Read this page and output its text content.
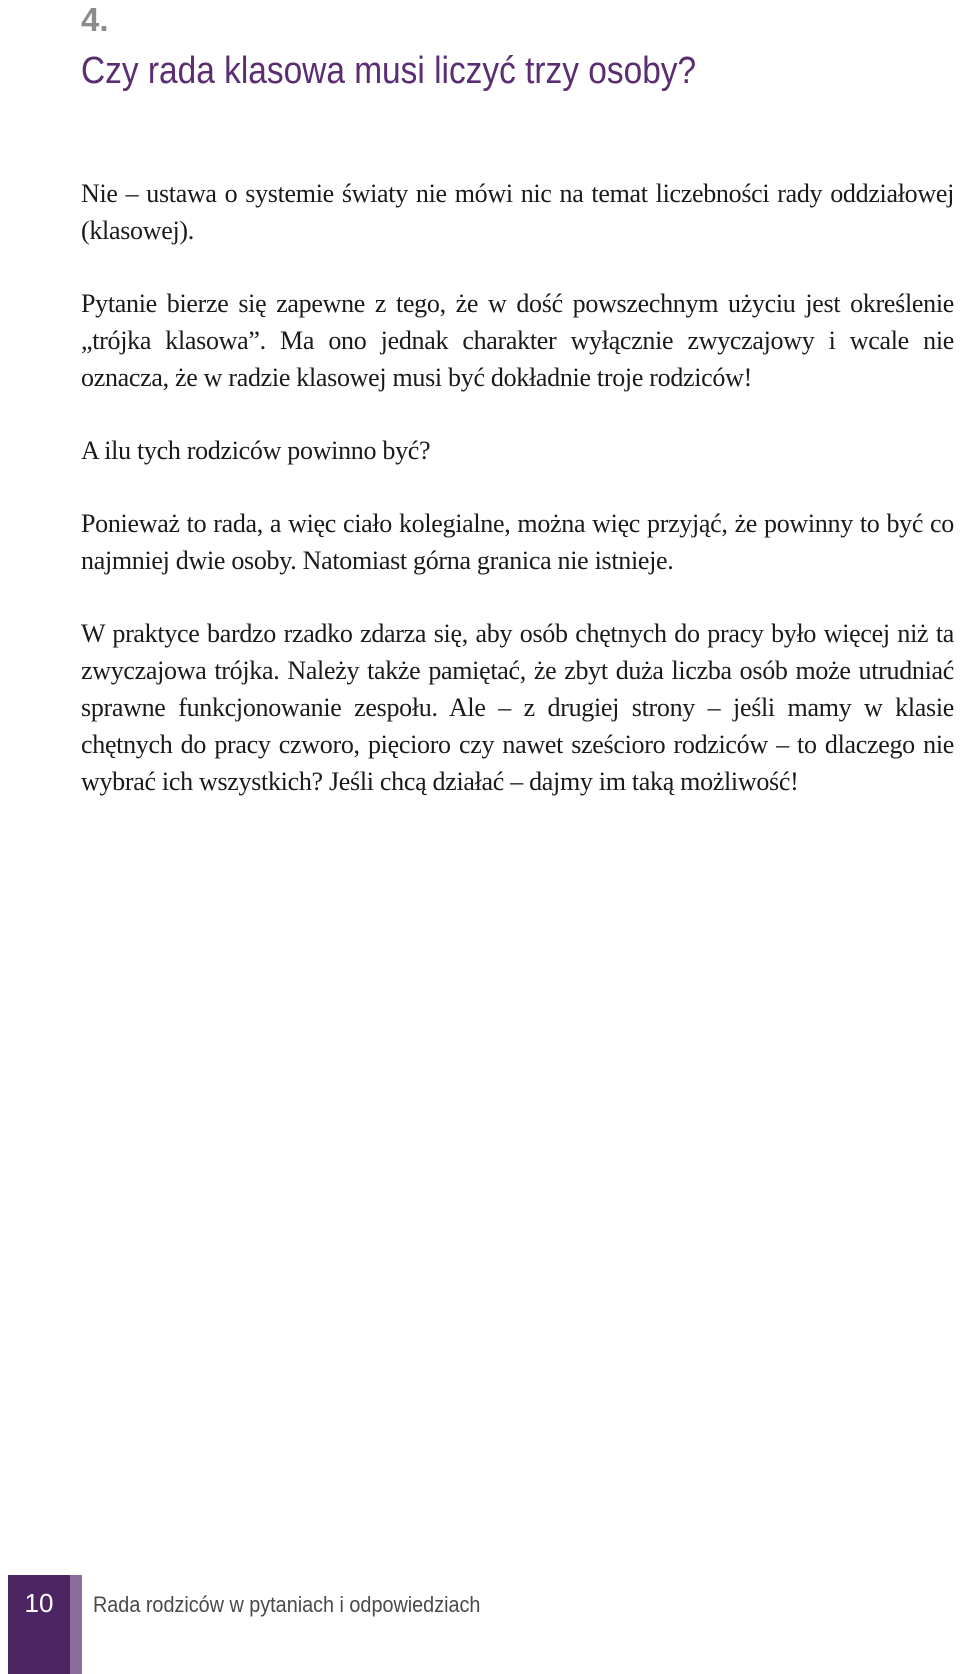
4.
Czy rada klasowa musi liczyć trzy osoby?

Nie – ustawa o systemie światy nie mówi nic na temat liczebności rady oddziałowej (klasowej).

Pytanie bierze się zapewne z tego, że w dość powszechnym użyciu jest określenie „trójka klasowa”. Ma ono jednak charakter wyłącznie zwyczajowy i wcale nie oznacza, że w radzie klasowej musi być dokładnie troje rodziców!

A ilu tych rodziców powinno być?

Ponieważ to rada, a więc ciało kolegialne, można więc przyjąć, że powinny to być co najmniej dwie osoby. Natomiast górna granica nie istnieje.

W praktyce bardzo rzadko zdarza się, aby osób chętnych do pracy było więcej niż ta zwyczajowa trójka. Należy także pamiętać, że zbyt duża liczba osób może utrudniać sprawne funkcjonowanie zespołu. Ale – z drugiej strony – jeśli mamy w klasie chętnych do pracy czworo, pięcioro czy nawet sześcioro rodziców – to dlaczego nie wybrać ich wszystkich? Jeśli chcą działać – dajmy im taką możliwość!

10	Rada rodziców w pytaniach i odpowiedziach
